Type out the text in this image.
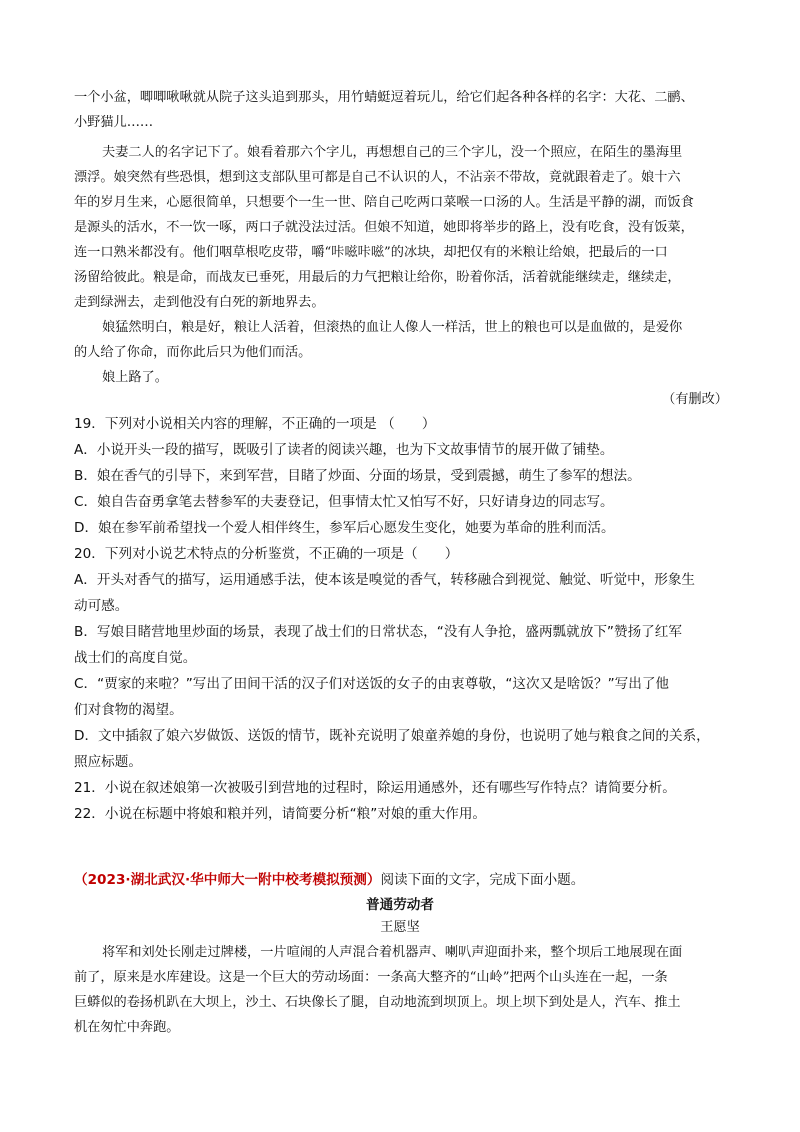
一个小盆，唧唧啾啾就从院子这头追到那头，用竹蜻蜓逗着玩儿，给它们起各种各样的名字：大花、二鹂、
小野猫儿……
夫妻二人的名字记下了。娘看着那六个字儿，再想想自己的三个字儿，没一个照应，在陌生的墨海里
漂浮。娘突然有些恐惧，想到这支部队里可都是自己不认识的人，不沾亲不带故，竟就跟着走了。娘十六
年的岁月生来，心愿很简单，只想要个一生一世、陪自己吃两口菜喉一口汤的人。生活是平静的湖，而饭食
是源头的活水，不一饮一啄，两口子就没法过活。但娘不知道，她即将举步的路上，没有吃食，没有饭菜，
连一口熟米都没有。他们咽草根吃皮带，嚼“咔嗞咔嗞”的冰块，却把仅有的米粮让给娘，把最后的一口
汤留给彼此。粮是命，而战友已垂死，用最后的力气把粮让给你，盼着你活，活着就能继续走，继续走，
走到绿洲去，走到他没有白死的新地界去。
娘猛然明白，粮是好，粮让人活着，但滚热的血让人像人一样活，世上的粮也可以是血做的，是爱你
的人给了你命，而你此后只为他们而活。
娘上路了。
（有删改）
19．下列对小说相关内容的理解，不正确的一项是 （　　）
A．小说开头一段的描写，既吸引了读者的阅读兴趣，也为下文故事情节的展开做了铺垫。
B．娘在香气的引导下，来到军营，目睹了炒面、分面的场景，受到震撼，萌生了参军的想法。
C．娘自告奋勇拿笔去替参军的夫妻登记，但事情太忙又怕写不好，只好请身边的同志写。
D．娘在参军前希望找一个爱人相伴终生，参军后心愿发生变化，她要为革命的胜利而活。
20．下列对小说艺术特点的分析鉴赏，不正确的一项是（　　）
A．开头对香气的描写，运用通感手法，使本该是嗅觉的香气，转移融合到视觉、触觉、听觉中，形象生
动可感。
B．写娘目睹营地里炒面的场景，表现了战士们的日常状态，“没有人争抢，盛两瓢就放下”赞扬了红军
战士们的高度自觉。
C．“贾家的来啦？”写出了田间干活的汉子们对送饭的女子的由衷尊敬，“这次又是啥饭？”写出了他
们对食物的渴望。
D．文中插叙了娘六岁做饭、送饭的情节，既补充说明了娘童养媳的身份，也说明了她与粮食之间的关系，
照应标题。
21．小说在叙述娘第一次被吸引到营地的过程时，除运用通感外，还有哪些写作特点？请简要分析。
22．小说在标题中将娘和粮并列，请简要分析“粮”对娘的重大作用。
（2023·湖北武汉·华中师大一附中校考模拟预测）阅读下面的文字，完成下面小题。
普通劳动者
王愿坚
将军和刘处长刚走过牌楼，一片喧闹的人声混合着机器声、喇叭声迎面扑来，整个坝后工地展现在面
前了，原来是水库建设。这是一个巨大的劳动场面：一条高大整齐的“山岭”把两个山头连在一起，一条
巨蟒似的卷扬机趴在大坝上，沙土、石块像长了腿，自动地流到坝顶上。坝上坝下到处是人，汽车、推土
机在匆忙中奔跑。
